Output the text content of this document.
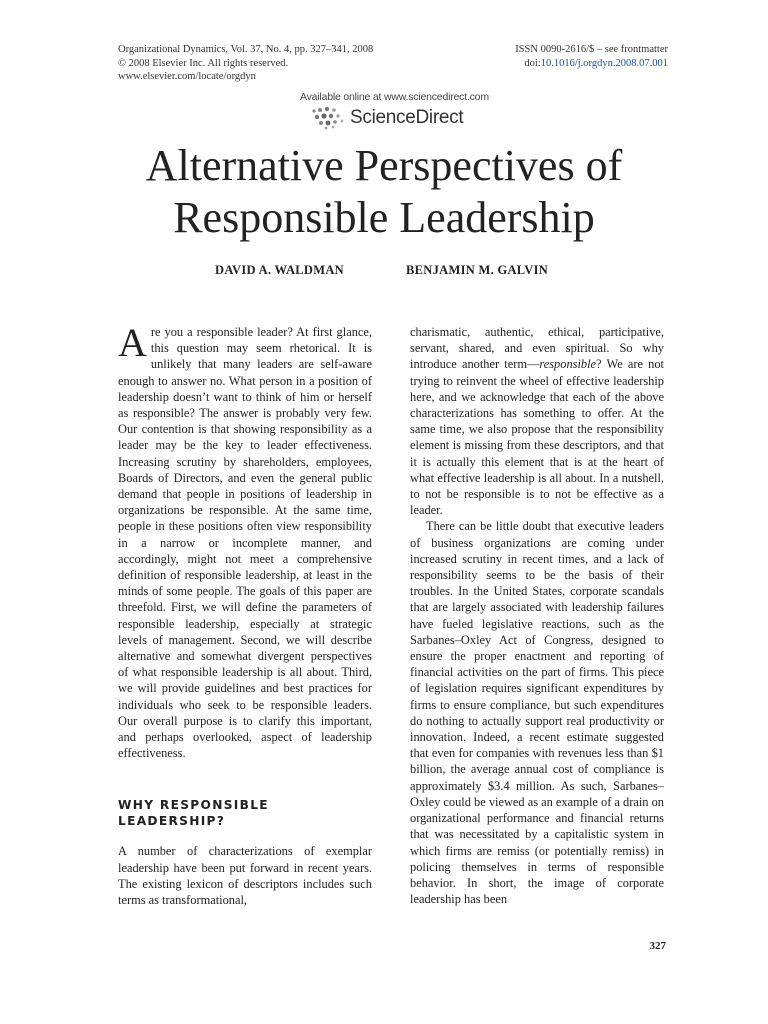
Organizational Dynamics, Vol. 37, No. 4, pp. 327–341, 2008
© 2008 Elsevier Inc. All rights reserved.
www.elsevier.com/locate/orgdyn
ISSN 0090-2616/$ – see frontmatter
doi:10.1016/j.orgdyn.2008.07.001
Available online at www.sciencedirect.com
ScienceDirect
Alternative Perspectives of
Responsible Leadership
DAVID A. WALDMAN	BENJAMIN M. GALVIN

Are you a responsible leader? At first glance, this question may seem rhetorical. It is unlikely that many leaders are self-aware enough to answer no. What person in a position of leadership doesn’t want to think of him or herself as responsible? The answer is probably very few. Our contention is that showing responsibility as a leader may be the key to leader effectiveness. Increasing scrutiny by shareholders, employees, Boards of Directors, and even the general public demand that people in positions of leadership in organizations be responsible. At the same time, people in these positions often view responsibility in a narrow or incomplete manner, and accordingly, might not meet a comprehensive definition of responsible leadership, at least in the minds of some people. The goals of this paper are threefold. First, we will define the parameters of responsible leadership, especially at strategic levels of management. Second, we will describe alternative and somewhat divergent perspectives of what responsible leadership is all about. Third, we will provide guidelines and best practices for individuals who seek to be responsible leaders. Our overall purpose is to clarify this important, and perhaps overlooked, aspect of leadership effectiveness.

WHY RESPONSIBLE
LEADERSHIP?

A number of characterizations of exemplar leadership have been put forward in recent years. The existing lexicon of descriptors includes such terms as transformational,

charismatic, authentic, ethical, participative, servant, shared, and even spiritual. So why introduce another term—responsible? We are not trying to reinvent the wheel of effective leadership here, and we acknowledge that each of the above characterizations has something to offer. At the same time, we also propose that the responsibility element is missing from these descriptors, and that it is actually this element that is at the heart of what effective leadership is all about. In a nutshell, to not be responsible is to not be effective as a leader.

There can be little doubt that executive leaders of business organizations are coming under increased scrutiny in recent times, and a lack of responsibility seems to be the basis of their troubles. In the United States, corporate scandals that are largely associated with leadership failures have fueled legislative reactions, such as the Sarbanes–Oxley Act of Congress, designed to ensure the proper enactment and reporting of financial activities on the part of firms. This piece of legislation requires significant expenditures by firms to ensure compliance, but such expenditures do nothing to actually support real productivity or innovation. Indeed, a recent estimate suggested that even for companies with revenues less than $1 billion, the average annual cost of compliance is approximately $3.4 million. As such, Sarbanes–Oxley could be viewed as an example of a drain on organizational performance and financial returns that was necessitated by a capitalistic system in which firms are remiss (or potentially remiss) in policing themselves in terms of responsible behavior. In short, the image of corporate leadership has been

327
